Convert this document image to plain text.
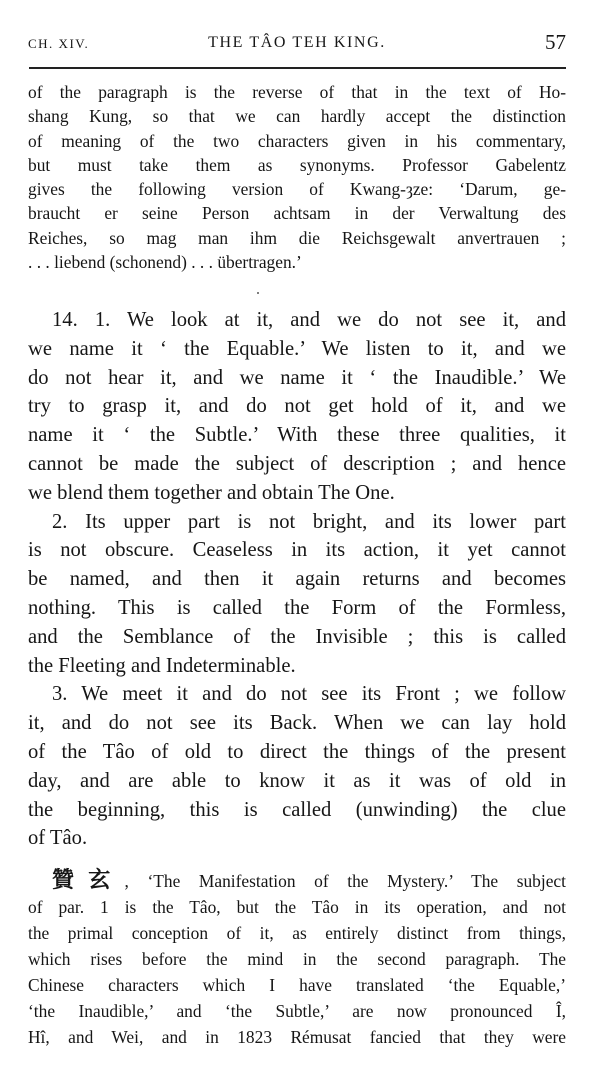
CH. XIV.	THE TÂO TEH KING.	57
of the paragraph is the reverse of that in the text of Ho-
shang Kung, so that we can hardly accept the distinction
of meaning of the two characters given in his commentary,
but must take them as synonyms. Professor Gabelentz
gives the following version of Kwang-ȝze: ‘Darum, ge-
braucht er seine Person achtsam in der Verwaltung des
Reiches, so mag man ihm die Reichsgewalt anvertrauen ;
. . . liebend (schonend) . . . übertragen.’
14. 1. We look at it, and we do not see it, and
we name it ‘ the Equable.’ We listen to it, and we
do not hear it, and we name it ‘ the Inaudible.’ We
try to grasp it, and do not get hold of it, and we
name it ‘ the Subtle.’ With these three qualities, it
cannot be made the subject of description ; and hence
we blend them together and obtain The One.
2. Its upper part is not bright, and its lower part
is not obscure. Ceaseless in its action, it yet cannot
be named, and then it again returns and becomes
nothing. This is called the Form of the Formless,
and the Semblance of the Invisible ; this is called
the Fleeting and Indeterminable.
3. We meet it and do not see its Front ; we follow
it, and do not see its Back. When we can lay hold
of the Tâo of old to direct the things of the present
day, and are able to know it as it was of old in
the beginning, this is called (unwinding) the clue
of Tâo.
贊玄, ‘The Manifestation of the Mystery.’ The subject
of par. 1 is the Tâo, but the Tâo in its operation, and not
the primal conception of it, as entirely distinct from things,
which rises before the mind in the second paragraph. The
Chinese characters which I have translated ‘the Equable,’
‘the Inaudible,’ and ‘the Subtle,’ are now pronounced Î,
Hî, and Wei, and in 1823 Rémusat fancied that they were
